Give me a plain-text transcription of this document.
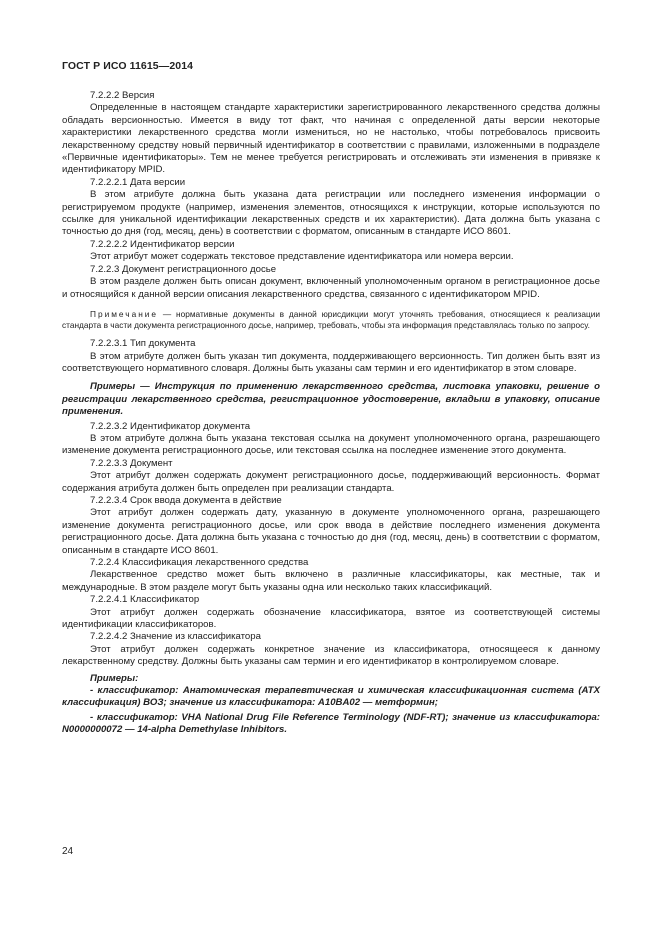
ГОСТ Р ИСО 11615—2014

7.2.2.2 Версия

Определенные в настоящем стандарте характеристики зарегистрированного лекарственного средства должны обладать версионностью. Имеется в виду тот факт, что начиная с определенной даты версии некоторые характеристики лекарственного средства могли измениться, но не настолько, чтобы потребовалось присвоить лекарственному средству новый первичный идентификатор в соответствии с правилами, изложенными в подразделе «Первичные идентификаторы». Тем не менее требуется регистрировать и отслеживать эти изменения в привязке к идентификатору MPID.

7.2.2.2.1 Дата версии

В этом атрибуте должна быть указана дата регистрации или последнего изменения информации о регистрируемом продукте (например, изменения элементов, относящихся к инструкции, которые используются по ссылке для уникальной идентификации лекарственных средств и их характеристик). Дата должна быть указана с точностью до дня (год, месяц, день) в соответствии с форматом, описанным в стандарте ИСО 8601.

7.2.2.2.2 Идентификатор версии

Этот атрибут может содержать текстовое представление идентификатора или номера версии.

7.2.2.3 Документ регистрационного досье

В этом разделе должен быть описан документ, включенный уполномоченным органом в регистрационное досье и относящийся к данной версии описания лекарственного средства, связанного с идентификатором MPID.

Примечание — нормативные документы в данной юрисдикции могут уточнять требования, относящиеся к реализации стандарта в части документа регистрационного досье, например, требовать, чтобы эта информация представлялась только по запросу.

7.2.2.3.1 Тип документа

В этом атрибуте должен быть указан тип документа, поддерживающего версионность. Тип должен быть взят из соответствующего нормативного словаря. Должны быть указаны сам термин и его идентификатор в этом словаре.

Примеры — Инструкция по применению лекарственного средства, листовка упаковки, решение о регистрации лекарственного средства, регистрационное удостоверение, вкладыш в упаковку, описание применения.

7.2.2.3.2 Идентификатор документа

В этом атрибуте должна быть указана текстовая ссылка на документ уполномоченного органа, разрешающего изменение документа регистрационного досье, или текстовая ссылка на последнее изменение этого документа.

7.2.2.3.3 Документ

Этот атрибут должен содержать документ регистрационного досье, поддерживающий версионность. Формат содержания атрибута должен быть определен при реализации стандарта.

7.2.2.3.4 Срок ввода документа в действие

Этот атрибут должен содержать дату, указанную в документе уполномоченного органа, разрешающего изменение документа регистрационного досье, или срок ввода в действие последнего изменения документа регистрационного досье. Дата должна быть указана с точностью до дня (год, месяц, день) в соответствии с форматом, описанным в стандарте ИСО 8601.

7.2.2.4 Классификация лекарственного средства

Лекарственное средство может быть включено в различные классификаторы, как местные, так и международные. В этом разделе могут быть указаны одна или несколько таких классификаций.

7.2.2.4.1 Классификатор

Этот атрибут должен содержать обозначение классификатора, взятое из соответствующей системы идентификации классификаторов.

7.2.2.4.2 Значение из классификатора

Этот атрибут должен содержать конкретное значение из классификатора, относящееся к данному лекарственному средству. Должны быть указаны сам термин и его идентификатор в контролируемом словаре.

Примеры:

- классификатор: Анатомическая терапевтическая и химическая классификационная система (ATX классификация) ВОЗ; значение из классификатора: A10BA02 — метформин;

- классификатор: VHA National Drug File Reference Terminology (NDF-RT); значение из классификатора: N0000000072 — 14-alpha Demethylase Inhibitors.

24
